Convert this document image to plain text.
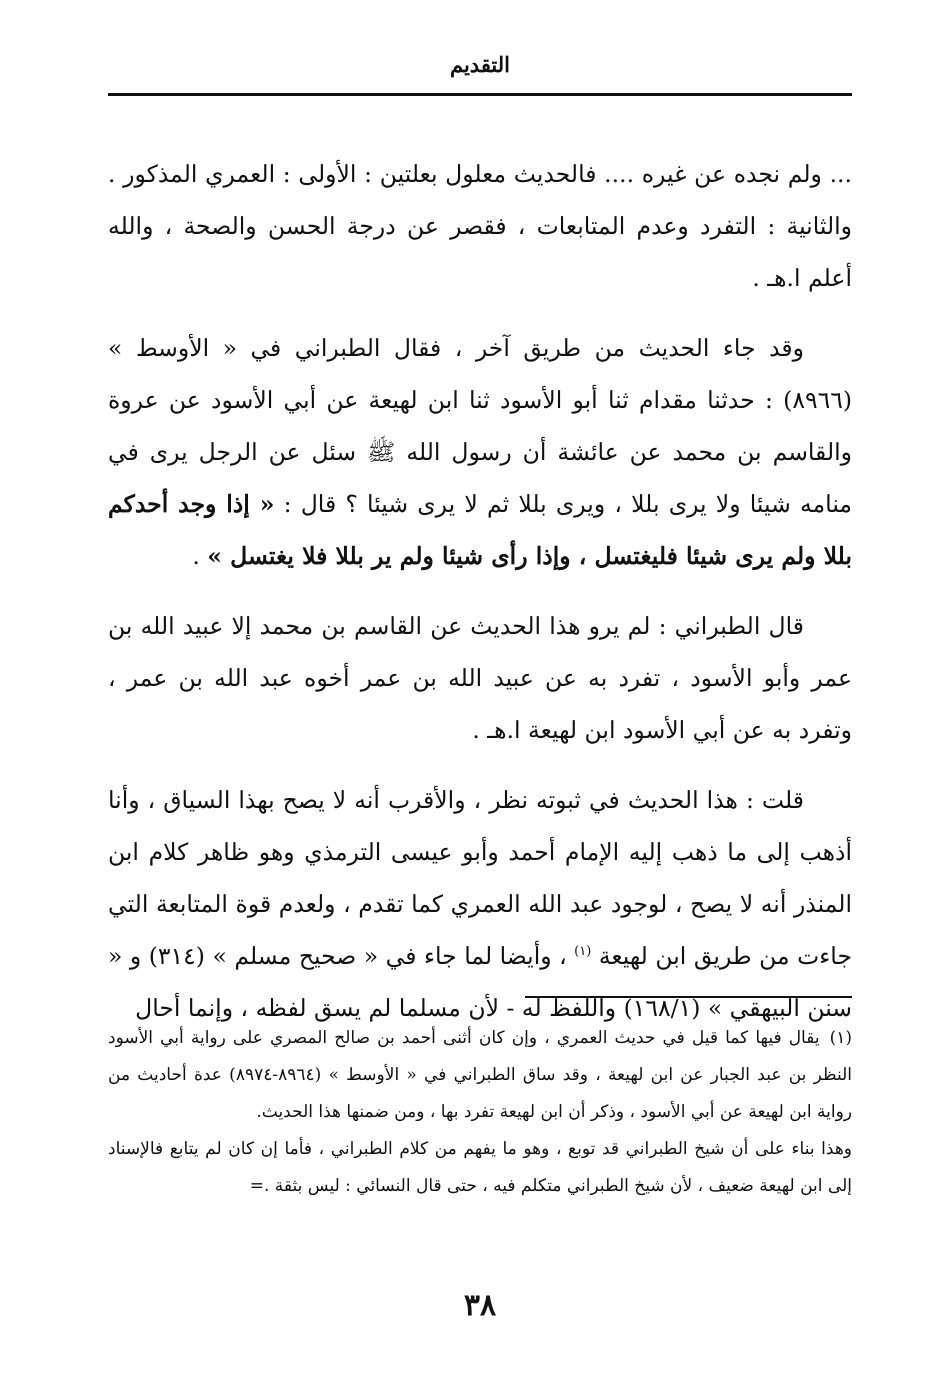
التقديم

... ولم نجده عن غيره .... فالحديث معلول بعلتين : الأولى : العمري المذكور . والثانية : التفرد وعدم المتابعات ، فقصر عن درجة الحسن والصحة ، والله أعلم ا.هـ .

وقد جاء الحديث من طريق آخر ، فقال الطبراني في « الأوسط » (٨٩٦٦) : حدثنا مقدام ثنا أبو الأسود ثنا ابن لهيعة عن أبي الأسود عن عروة والقاسم بن محمد عن عائشة أن رسول الله ﷺ سئل عن الرجل يرى في منامه شيئا ولا يرى بللا ، ويرى بللا ثم لا يرى شيئا ؟ قال : « إذا وجد أحدكم بللا ولم يرى شيئا فليغتسل ، وإذا رأى شيئا ولم ير بللا فلا يغتسل » .

قال الطبراني : لم يرو هذا الحديث عن القاسم بن محمد إلا عبيد الله بن عمر وأبو الأسود ، تفرد به عن عبيد الله بن عمر أخوه عبد الله بن عمر ، وتفرد به عن أبي الأسود ابن لهيعة ا.هـ .

قلت : هذا الحديث في ثبوته نظر ، والأقرب أنه لا يصح بهذا السياق ، وأنا أذهب إلى ما ذهب إليه الإمام أحمد وأبو عيسى الترمذي وهو ظاهر كلام ابن المنذر أنه لا يصح ، لوجود عبد الله العمري كما تقدم ، ولعدم قوة المتابعة التي جاءت من طريق ابن لهيعة $^{(١)}$ ، وأيضا لما جاء في « صحيح مسلم » (٣١٤) و « سنن البيهقي » (١٦٨/١) واللفظ له - لأن مسلما لم يسق لفظه ، وإنما أحال

(١)يقال فيها كما قيل في حديث العمري ، وإن كان أثنى أحمد بن صالح المصري على رواية أبي الأسود النظر بن عبد الجبار عن ابن لهيعة ، وقد ساق الطبراني في « الأوسط » (٨٩٦٤-٨٩٧٤) عدة أحاديث من رواية ابن لهيعة عن أبي الأسود ، وذكر أن ابن لهيعة تفرد بها ، ومن ضمنها هذا الحديث.

وهذا بناء على أن شيخ الطبراني قد توبع ، وهو ما يفهم من كلام الطبراني ، فأما إن كان لم يتابع فالإسناد إلى ابن لهيعة ضعيف ، لأن شيخ الطبراني متكلم فيه ، حتى قال النسائي : ليس بثقة .=

٣٨
